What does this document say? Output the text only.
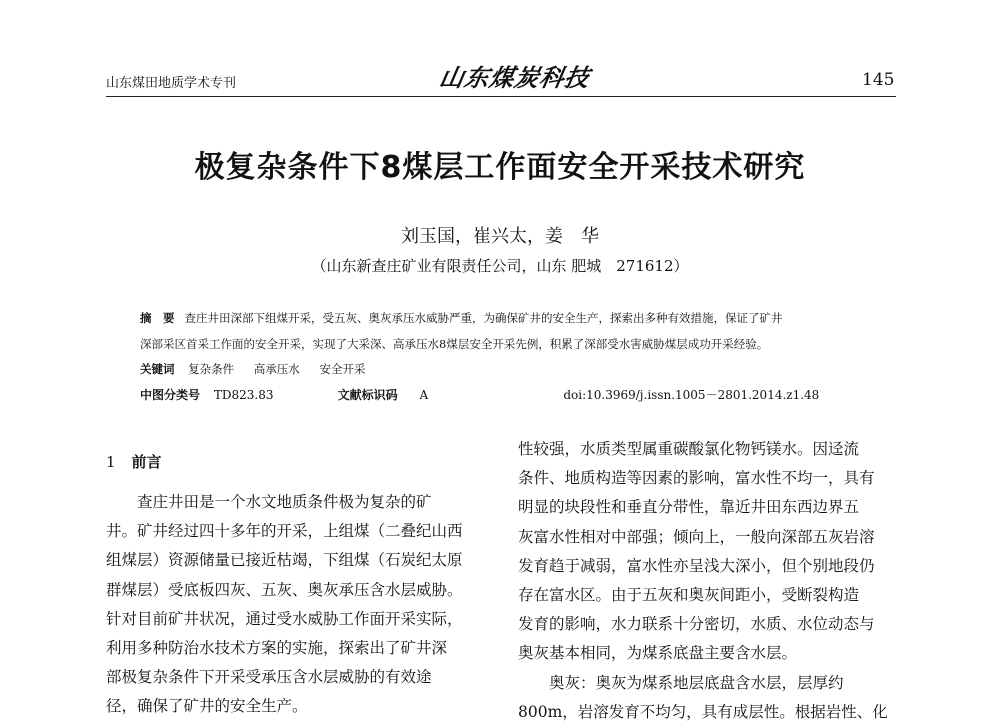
山东煤田地质学术专刊	山东煤炭科技	145
极复杂条件下8煤层工作面安全开采技术研究
刘玉国，崔兴太，姜　华
（山东新查庄矿业有限责任公司，山东 肥城　271612）
摘　要 查庄井田深部下组煤开采，受五灰、奥灰承压水威胁严重，为确保矿井的安全生产，探索出多种有效措施，保证了矿井
深部采区首采工作面的安全开采，实现了大采深、高承压水8煤层安全开采先例，积累了深部受水害威胁煤层成功开采经验。
关键词 复杂条件 高承压水 安全开采
中图分类号 TD823.83	文献标识码 A	doi:10.3969/j.issn.1005－2801.2014.z1.48
1 前言
　　查庄井田是一个水文地质条件极为复杂的矿
井。矿井经过四十多年的开采，上组煤（二叠纪山西
组煤层）资源储量已接近枯竭，下组煤（石炭纪太原
群煤层）受底板四灰、五灰、奥灰承压含水层威胁。
针对目前矿井状况，通过受水威胁工作面开采实际，
利用多种防治水技术方案的实施，探索出了矿井深
部极复杂条件下开采受承压含水层威胁的有效途
径，确保了矿井的安全生产。
性较强，水质类型属重碳酸氯化物钙镁水。因迳流
条件、地质构造等因素的影响，富水性不均一，具有
明显的块段性和垂直分带性，靠近井田东西边界五
灰富水性相对中部强；倾向上，一般向深部五灰岩溶
发育趋于减弱，富水性亦呈浅大深小，但个别地段仍
存在富水区。由于五灰和奥灰间距小，受断裂构造
发育的影响，水力联系十分密切，水质、水位动态与
奥灰基本相同，为煤系底盘主要含水层。
　　奥灰：奥灰为煤系地层底盘含水层，层厚约
800m，岩溶发育不均匀，具有成层性。根据岩性、化
